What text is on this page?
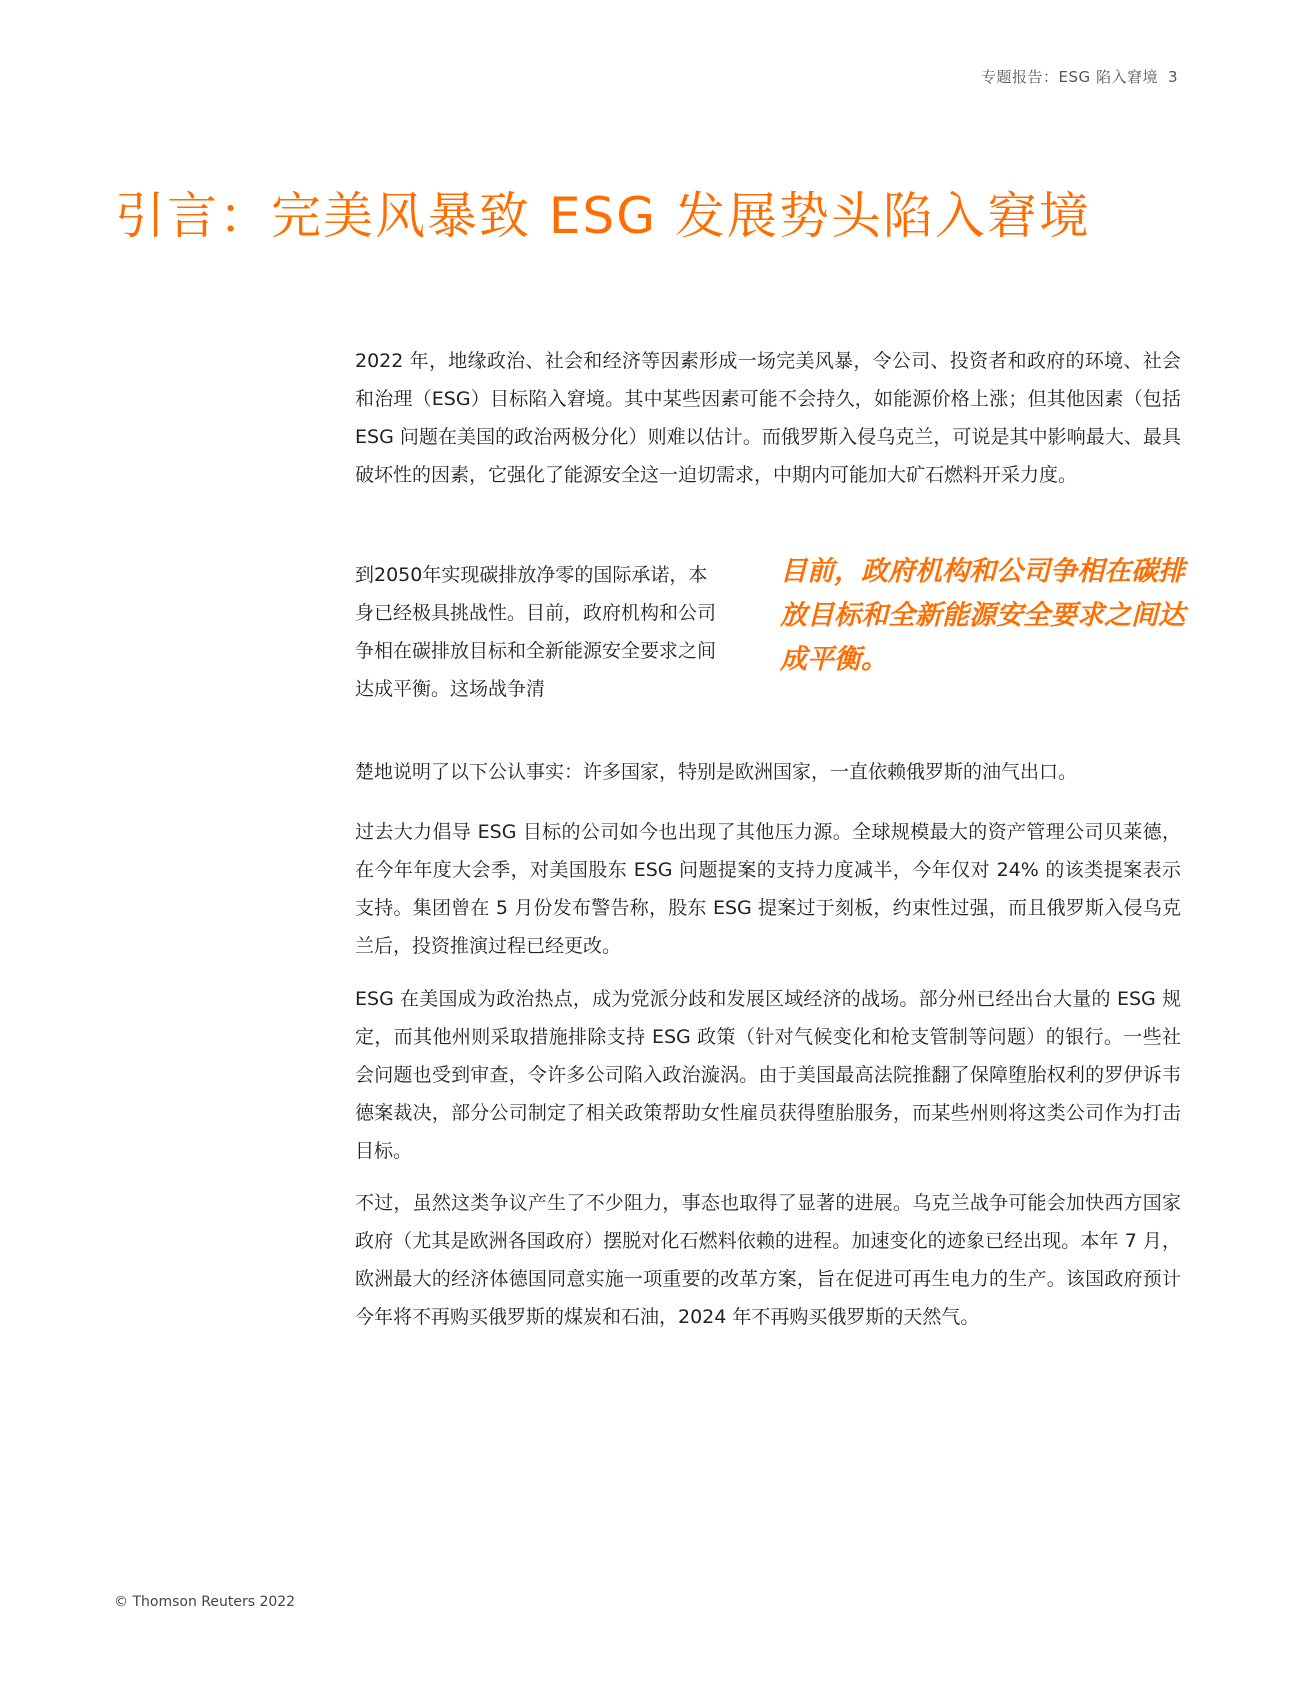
专题报告：ESG 陷入窘境 3
引言：完美风暴致 ESG 发展势头陷入窘境

2022 年，地缘政治、社会和经济等因素形成一场完美风暴，令公司、投资者和政府的环境、社会和治理（ESG）目标陷入窘境。其中某些因素可能不会持久，如能源价格上涨；但其他因素（包括 ESG 问题在美国的政治两极分化）则难以估计。而俄罗斯入侵乌克兰，可说是其中影响最大、最具破坏性的因素，它强化了能源安全这一迫切需求，中期内可能加大矿石燃料开采力度。

到2050年实现碳排放净零的国际承诺，本身已经极具挑战性。目前，政府机构和公司争相在碳排放目标和全新能源安全要求之间达成平衡。这场战争清

目前，政府机构和公司争相在碳排放目标和全新能源安全要求之间达成平衡。

楚地说明了以下公认事实：许多国家，特别是欧洲国家，一直依赖俄罗斯的油气出口。

过去大力倡导 ESG 目标的公司如今也出现了其他压力源。全球规模最大的资产管理公司贝莱德，在今年年度大会季，对美国股东 ESG 问题提案的支持力度减半，今年仅对 24% 的该类提案表示支持。集团曾在 5 月份发布警告称，股东 ESG 提案过于刻板，约束性过强，而且俄罗斯入侵乌克兰后，投资推演过程已经更改。

ESG 在美国成为政治热点，成为党派分歧和发展区域经济的战场。部分州已经出台大量的 ESG 规定，而其他州则采取措施排除支持 ESG 政策（针对气候变化和枪支管制等问题）的银行。一些社会问题也受到审查，令许多公司陷入政治漩涡。由于美国最高法院推翻了保障堕胎权利的罗伊诉韦德案裁决，部分公司制定了相关政策帮助女性雇员获得堕胎服务，而某些州则将这类公司作为打击目标。

不过，虽然这类争议产生了不少阻力，事态也取得了显著的进展。乌克兰战争可能会加快西方国家政府（尤其是欧洲各国政府）摆脱对化石燃料依赖的进程。加速变化的迹象已经出现。本年 7 月，欧洲最大的经济体德国同意实施一项重要的改革方案，旨在促进可再生电力的生产。该国政府预计今年将不再购买俄罗斯的煤炭和石油，2024 年不再购买俄罗斯的天然气。

© Thomson Reuters 2022
